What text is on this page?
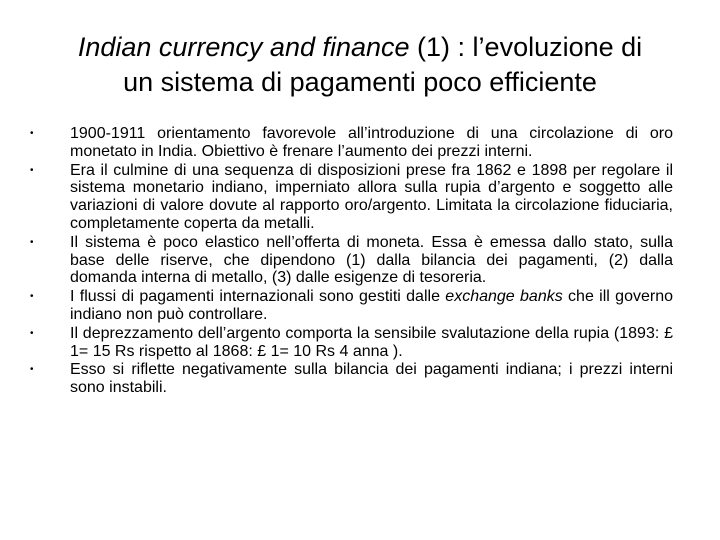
Indian currency and finance (1) : l’evoluzione di
un sistema di pagamenti poco efficiente
• 1900-1911 orientamento favorevole all’introduzione di una circolazione di oro monetato in India. Obiettivo è frenare l’aumento dei prezzi interni.
• Era il culmine di una sequenza di disposizioni prese fra 1862 e 1898 per regolare il sistema monetario indiano, imperniato allora sulla rupia d’argento e soggetto alle variazioni di valore dovute al rapporto oro/argento. Limitata la circolazione fiduciaria, completamente coperta da metalli.
• Il sistema è poco elastico nell’offerta di moneta. Essa è emessa dallo stato, sulla base delle riserve, che dipendono (1) dalla bilancia dei pagamenti, (2) dalla domanda interna di metallo, (3) dalle esigenze di tesoreria.
• I flussi di pagamenti internazionali sono gestiti dalle exchange banks che ill governo indiano non può controllare.
• Il deprezzamento dell’argento comporta la sensibile svalutazione della rupia (1893: £ 1= 15 Rs rispetto al 1868: £ 1= 10 Rs 4 anna ).
• Esso si riflette negativamente sulla bilancia dei pagamenti indiana; i prezzi interni sono instabili.
